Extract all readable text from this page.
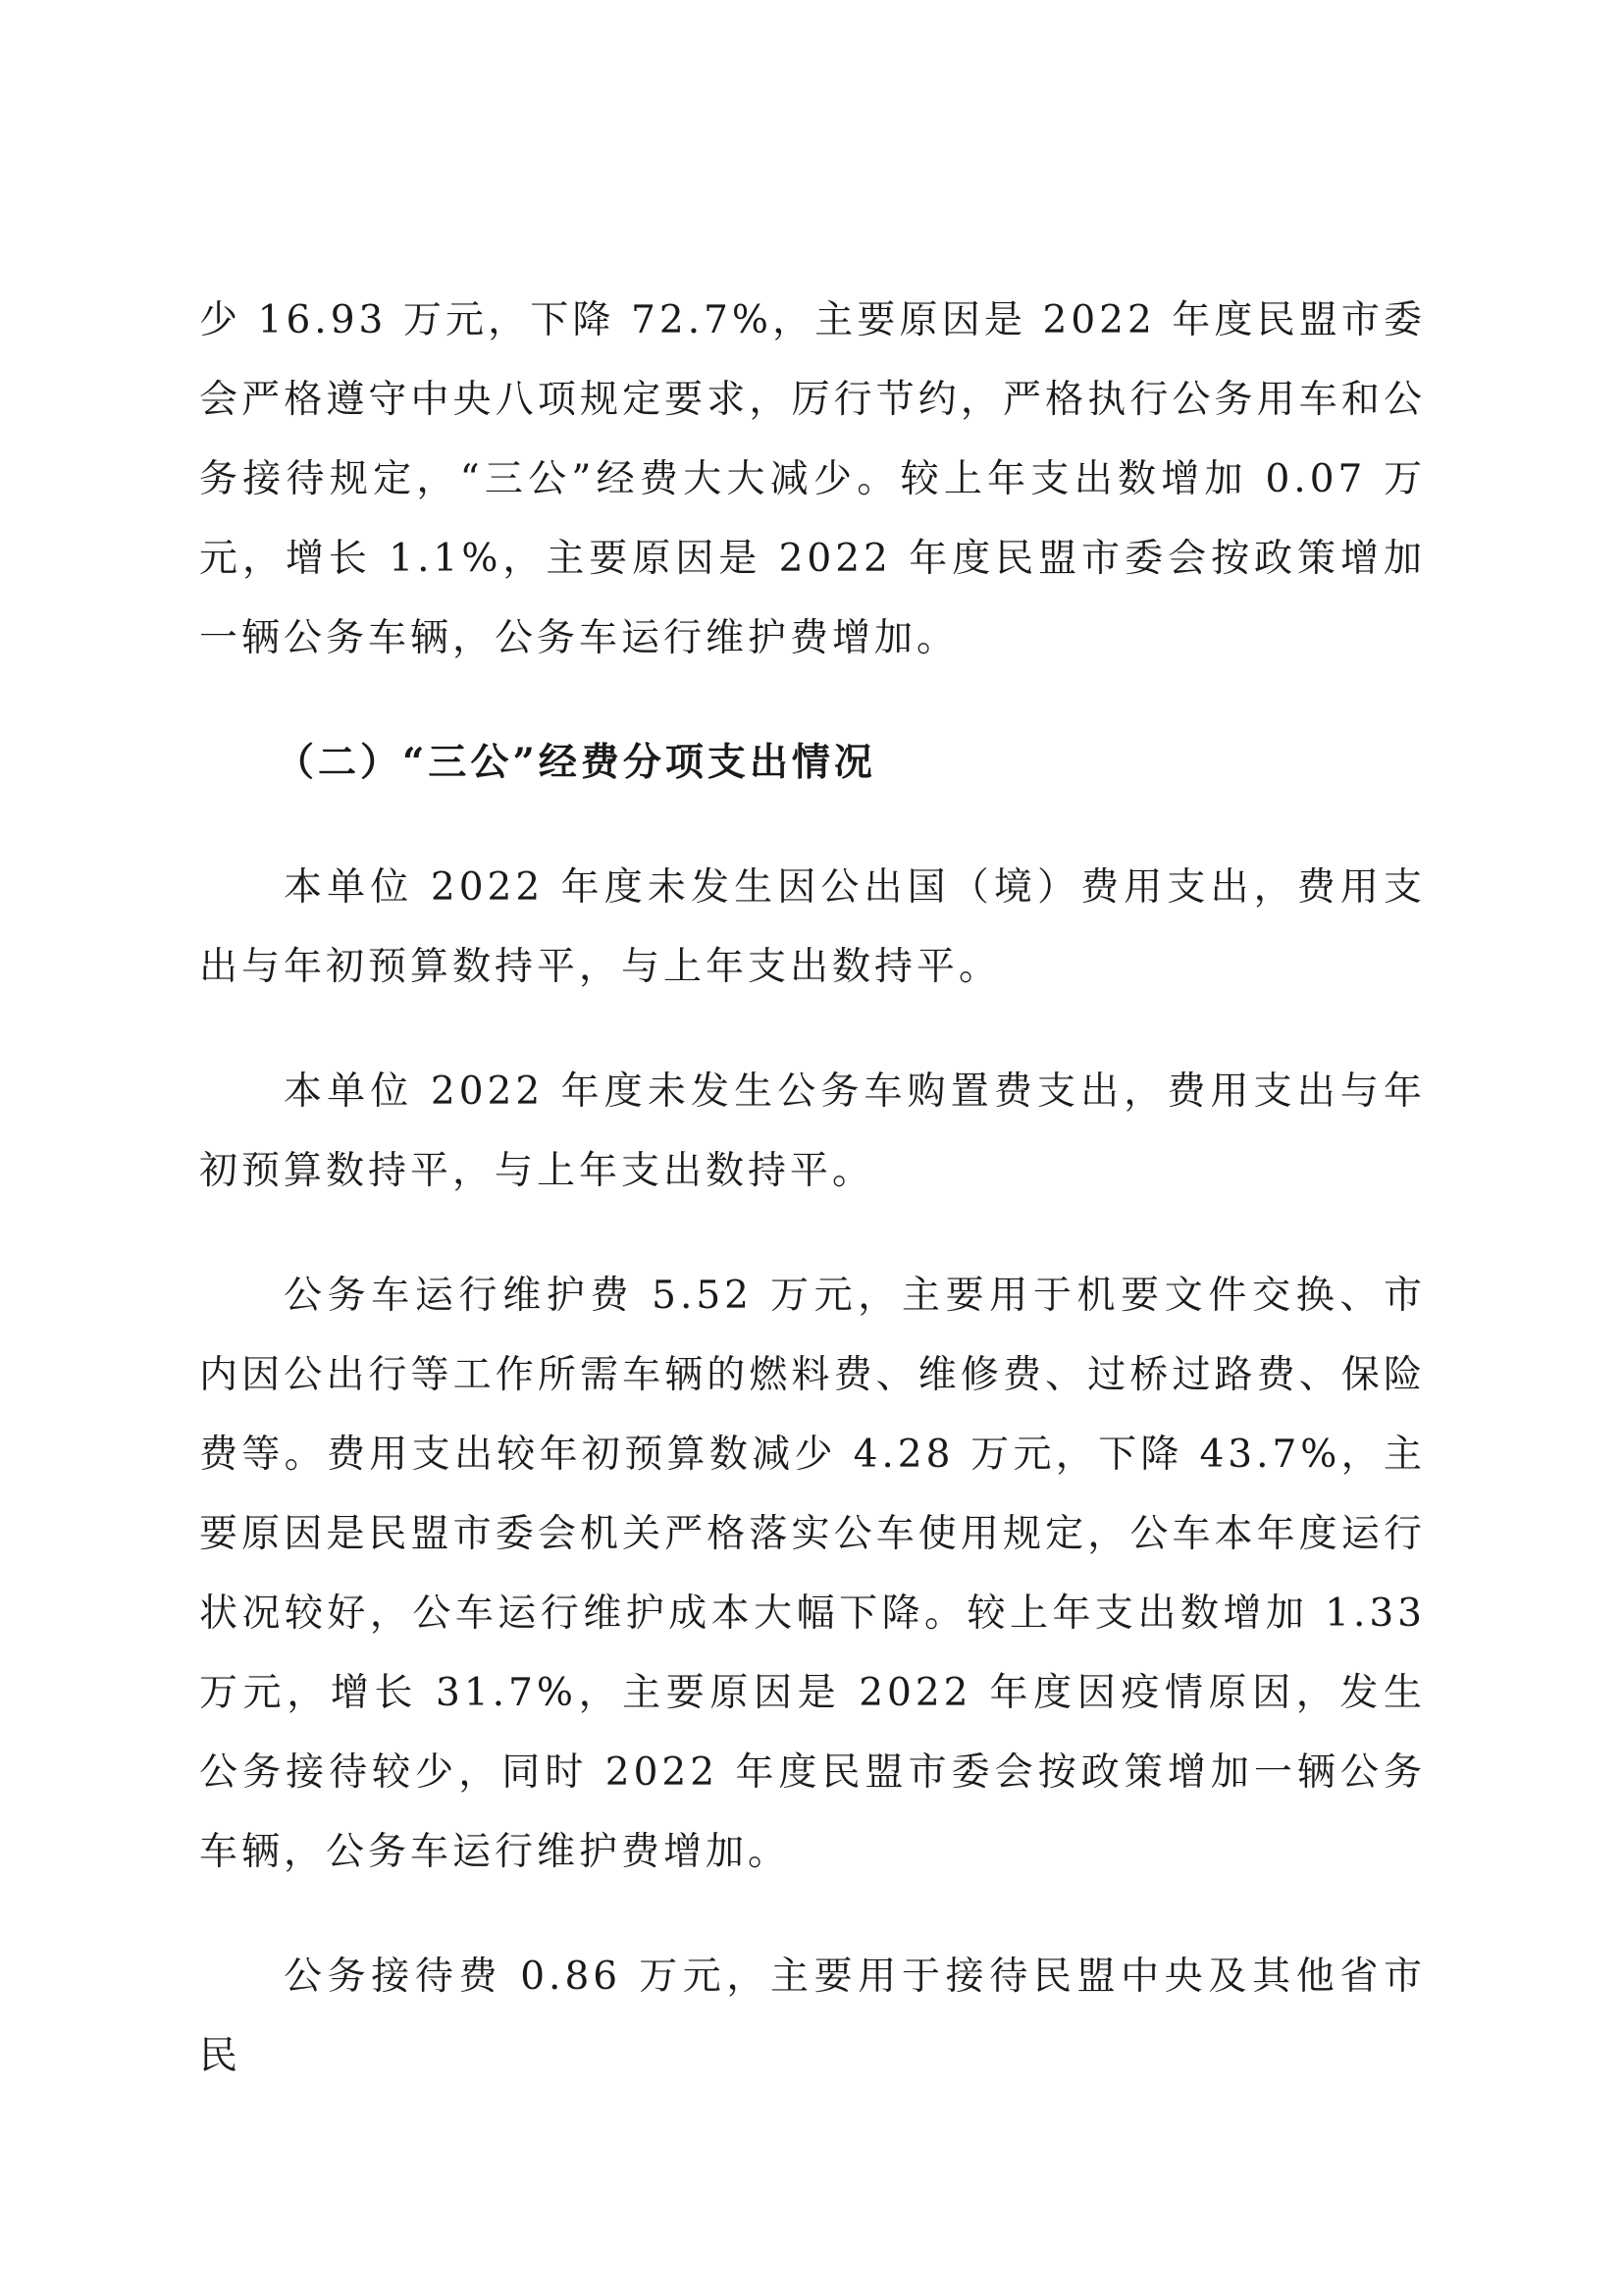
少 16.93 万元，下降 72.7%，主要原因是 2022 年度民盟市委会严格遵守中央八项规定要求，厉行节约，严格执行公务用车和公务接待规定，“三公”经费大大减少。较上年支出数增加 0.07 万元，增长 1.1%，主要原因是 2022 年度民盟市委会按政策增加一辆公务车辆，公务车运行维护费增加。

（二）“三公”经费分项支出情况

本单位 2022 年度未发生因公出国（境）费用支出，费用支出与年初预算数持平，与上年支出数持平。

本单位 2022 年度未发生公务车购置费支出，费用支出与年初预算数持平，与上年支出数持平。

公务车运行维护费 5.52 万元，主要用于机要文件交换、市内因公出行等工作所需车辆的燃料费、维修费、过桥过路费、保险费等。费用支出较年初预算数减少 4.28 万元，下降 43.7%，主要原因是民盟市委会机关严格落实公车使用规定，公车本年度运行状况较好，公车运行维护成本大幅下降。较上年支出数增加 1.33 万元，增长 31.7%，主要原因是 2022 年度因疫情原因，发生公务接待较少，同时 2022 年度民盟市委会按政策增加一辆公务车辆，公务车运行维护费增加。

公务接待费 0.86 万元，主要用于接待民盟中央及其他省市民
